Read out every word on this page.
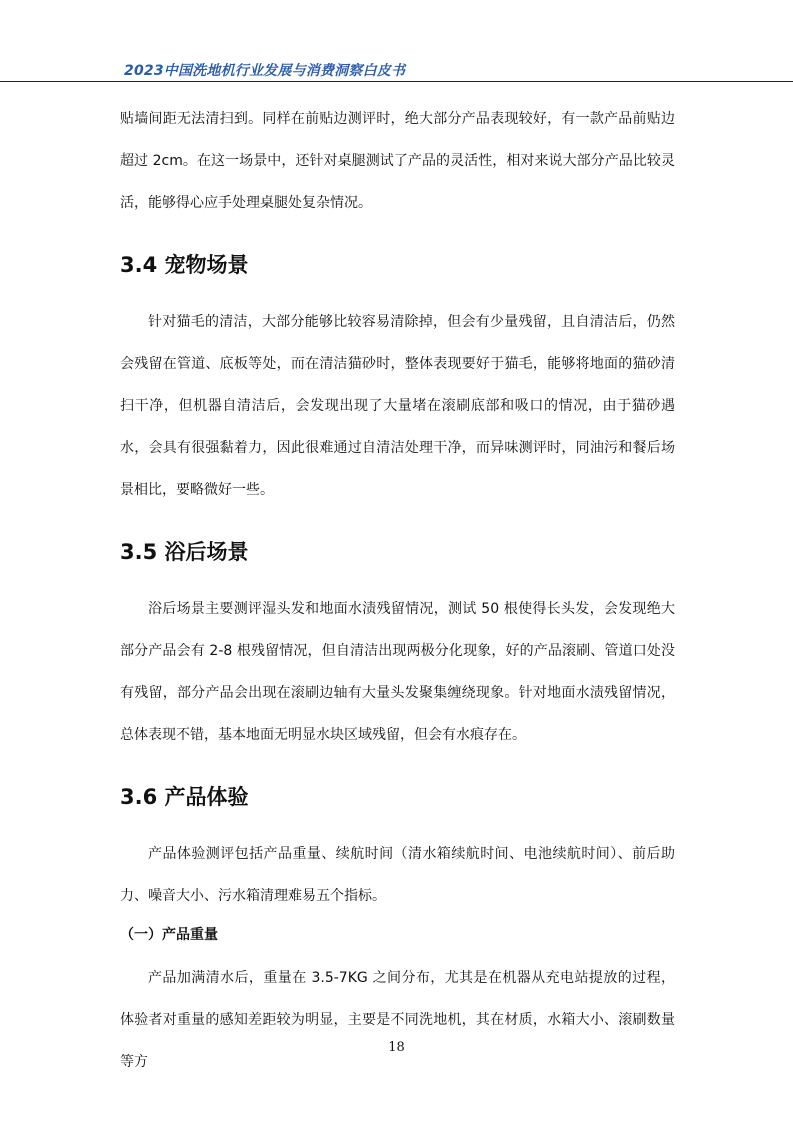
2023中国洗地机行业发展与消费洞察白皮书

贴墙间距无法清扫到。同样在前贴边测评时，绝大部分产品表现较好，有一款产品前贴边超过 2cm。在这一场景中，还针对桌腿测试了产品的灵活性，相对来说大部分产品比较灵活，能够得心应手处理桌腿处复杂情况。

3.4 宠物场景

针对猫毛的清洁，大部分能够比较容易清除掉，但会有少量残留，且自清洁后，仍然会残留在管道、底板等处，而在清洁猫砂时，整体表现要好于猫毛，能够将地面的猫砂清扫干净，但机器自清洁后，会发现出现了大量堵在滚刷底部和吸口的情况，由于猫砂遇水，会具有很强黏着力，因此很难通过自清洁处理干净，而异味测评时，同油污和餐后场景相比，要略微好一些。

3.5 浴后场景

浴后场景主要测评湿头发和地面水渍残留情况，测试 50 根使得长头发，会发现绝大部分产品会有 2-8 根残留情况，但自清洁出现两极分化现象，好的产品滚刷、管道口处没有残留，部分产品会出现在滚刷边轴有大量头发聚集缠绕现象。针对地面水渍残留情况，总体表现不错，基本地面无明显水块区域残留，但会有水痕存在。

3.6 产品体验

产品体验测评包括产品重量、续航时间（清水箱续航时间、电池续航时间）、前后助力、噪音大小、污水箱清理难易五个指标。

（一）产品重量

产品加满清水后，重量在 3.5-7KG 之间分布，尤其是在机器从充电站提放的过程，体验者对重量的感知差距较为明显，主要是不同洗地机，其在材质，水箱大小、滚刷数量等方

18
